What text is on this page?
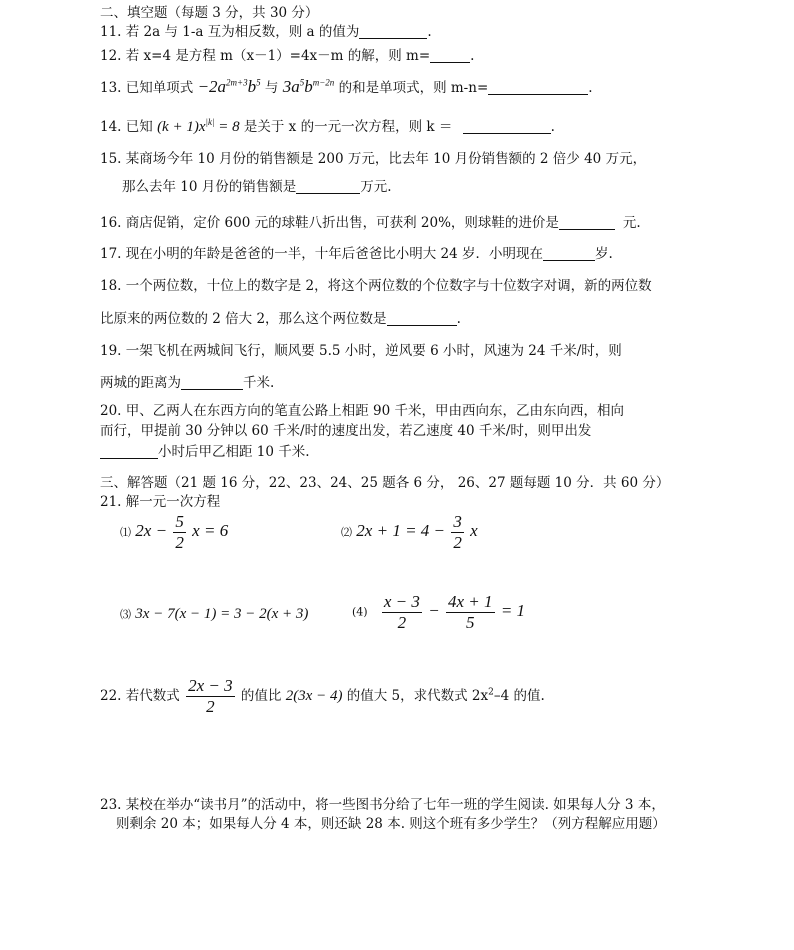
二、填空题（每题 3 分，共 30 分）
11. 若 2a 与 1-a 互为相反数，则 a 的值为	.
12. 若 x=4 是方程 m（x－1）=4x－m 的解，则 m=	.
13. 已知单项式 $-2a^{2m+3}b^5$ 与 $3a^5b^{m-2n}$ 的和是单项式，则 m-n=	.
14. 已知 $(k + 1)x^{|k|} = 8$ 是关于 x 的一元一次方程，则 k ＝	.
15. 某商场今年 10 月份的销售额是 200 万元，比去年 10 月份销售额的 2 倍少 40 万元，
那么去年 10 月份的销售额是	万元.
16. 商店促销，定价 600 元的球鞋八折出售，可获利 20%，则球鞋的进价是	元.
17. 现在小明的年龄是爸爸的一半，十年后爸爸比小明大 24 岁．小明现在	岁.
18. 一个两位数，十位上的数字是 2，将这个两位数的个位数字与十位数字对调，新的两位数
比原来的两位数的 2 倍大 2，那么这个两位数是	.
19. 一架飞机在两城间飞行，顺风要 5.5 小时，逆风要 6 小时，风速为 24 千米/时，则
两城的距离为	千米.
20. 甲、乙两人在东西方向的笔直公路上相距 90 千米，甲由西向东，乙由东向西，相向
而行，甲提前 30 分钟以 60 千米/时的速度出发，若乙速度 40 千米/时，则甲出发
小时后甲乙相距 10 千米.
三、解答题（21 题 16 分，22、23、24、25 题各 6 分， 26、27 题每题 10 分．共 60 分）
21. 解一元一次方程
⑴ $2x - \frac{5}{2}$ x = 6	⑵ $2x + 1 = 4 - \frac{3}{2}$ x
⑶ 3x − 7(x − 1) = 3 − 2(x + 3)	$(4) \frac{x - 3}{2} - \frac{4x + 1}{5} = 1$
22. 若代数式 $\frac{2x - 3}{2}$ 的值比 2(3x − 4) 的值大 5，求代数式 $2x^2-4$ 的值.
23. 某校在举办“读书月”的活动中，将一些图书分给了七年一班的学生阅读. 如果每人分 3 本，
则剩余 20 本；如果每人分 4 本，则还缺 28 本. 则这个班有多少学生？（列方程解应用题）
